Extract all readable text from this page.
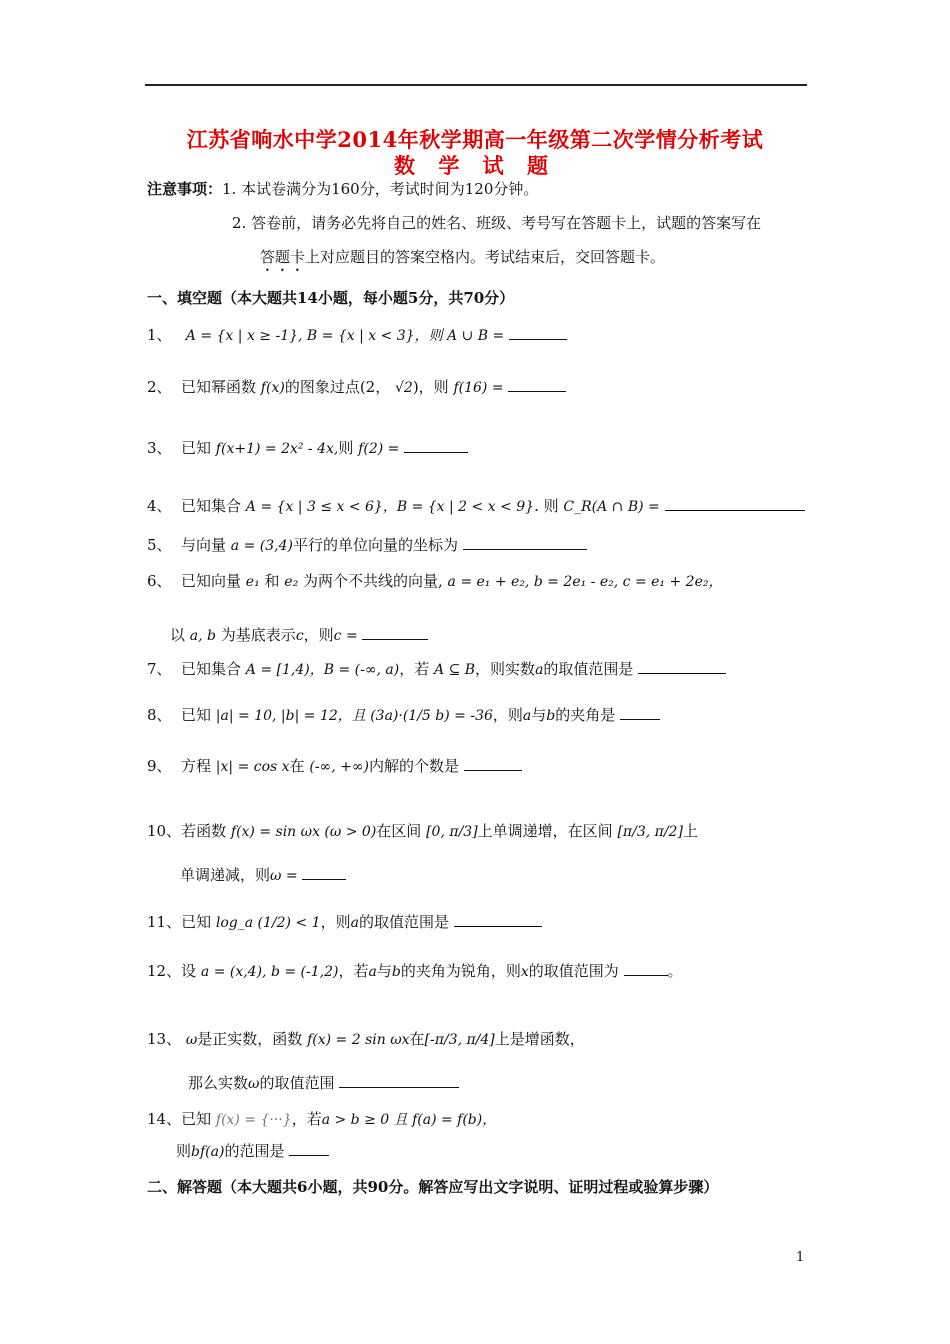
江苏省响水中学2014年秋学期高一年级第二次学情分析考试
数 学 试 题
注意事项：1. 本试卷满分为160分，考试时间为120分钟。
2. 答卷前，请务必先将自己的姓名、班级、考号写在答题卡上，试题的答案写在
答题卡上对应题目的答案空格内。考试结束后，交回答题卡。
一、填空题（本大题共14小题，每小题5分，共70分）
1、 A = {x | x ≥ -1}, B = {x | x < 3}，则 A ∪ B =
2、 已知幂函数 f(x)的图象过点(2， √2)，则 f(16) =
3、 已知 f(x+1) = 2x² - 4x,则 f(2) =
4、 已知集合 A = {x | 3 ≤ x < 6}，B = {x | 2 < x < 9}. 则 C_R(A ∩ B) =
5、 与向量 a = (3,4)平行的单位向量的坐标为
6、 已知向量 e₁ 和 e₂ 为两个不共线的向量, a = e₁ + e₂, b = 2e₁ - e₂, c = e₁ + 2e₂，
以 a, b 为基底表示c，则c =
7、 已知集合 A = [1,4)，B = (-∞, a)，若 A ⊆ B，则实数a的取值范围是
8、 已知 |a| = 10, |b| = 12，且 (3a)·(1/5 b) = -36，则a与b的夹角是
9、 方程 |x| = cos x在 (-∞, +∞)内解的个数是
10、若函数 f(x) = sin ωx (ω > 0)在区间 [0, π/3]上单调递增，在区间 [π/3, π/2]上
单调递减，则ω =
11、已知 log_a (1/2) < 1，则a的取值范围是
12、设 a = (x,4), b = (-1,2)，若a与b的夹角为锐角，则x的取值范围为	。
13、 ω是正实数，函数 f(x) = 2 sin ωx在[-π/3, π/4]上是增函数，
那么实数ω的取值范围
14、已知 f(x) = {···}，若a > b ≥ 0 且 f(a) = f(b)，
则bf(a)的范围是
二、解答题（本大题共6小题，共90分。解答应写出文字说明、证明过程或验算步骤）
1
